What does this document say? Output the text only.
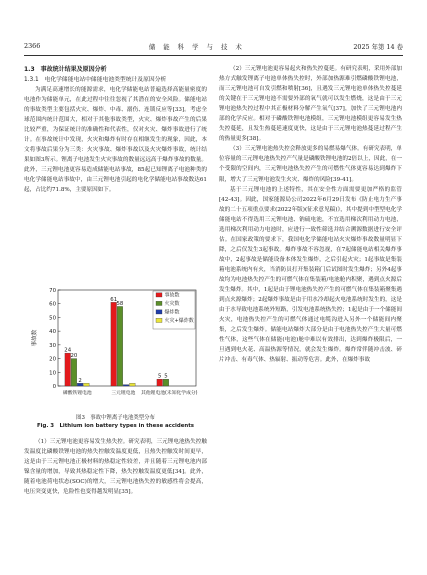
2366	储 能 科 学 与 技 术	2025 年第 14 卷

1.3　事故统计结果及原因分析

1.3.1　电化学储能电站中储能电池类型统计及原因分析

为满足高速增长的能源需求，电化学储能电站普遍选择高能量密度的电池作为储能单元，在此过程中往往忽视了其潜在的安全风险。储能电站的事故类型主要包括火灾、爆炸、中毒、溺伤、连锁反应等[33]。考虑全球范围内统计范围大，相对于其他事故类型，火灾、爆炸事故产生的后果比较严重，为保证统计的准确性和代表性，仅对火灾、爆炸事故进行了统计。在事故统计中发现，火灾和爆炸有时存在相继发生的现象，因此，本文将事故后果分为三类：火灾事故、爆炸事故以及火灾爆炸事故，统计结果如图3所示。锂离子电池发生火灾事故的数量远远高于爆炸事故的数量。此外，三元锂电池更容易造成储能电站事故，85起已知锂离子电池种类的电化学储能电站事故中，由三元锂电池引起的电化学储能电站事故数达61起，占比约71.8%，主要原因如下。

0
10
20
30
40
50
60
70
事故数
24
20
2
磷酸铁锂电池
61
58
三元锂电池
5 5
其他锂电池(未知化学成分)
事故数
火灾数
爆炸数
火灾+爆炸数
图3　事故中锂离子电池类型分布
Fig. 3　Lithium ion battery types in these accidents

（1）三元锂电池更容易发生热失控。研究表明，三元锂电池热失控触发温度比磷酸铁锂电池的热失控触发温度更低，且热失控触发时间更早，这是由于三元锂电池正极材料的热稳定性较差，并且随着三元锂电池内部镍含量的增加，导致其热稳定性下降，热失控触发温度更低[34]。此外，随着电池荷电状态(SOC)的增大，三元锂电池热失控的敏感性将会提高，电压突变更快，危险性也变得越发明显[35]。

（2）三元锂电池更容易起火和热失控蔓延。有研究表明，采用外部加热方式触发锂离子电池单体热失控时，外部加热源难引燃磷酸铁锂电池，而三元锂电池可自发引燃和喷射[36]，且遇发三元锂电池单体热失控蔓延的关键在于三元锂电池不需要外部的氧气就可以发生燃烧，这是由于三元锂电池热失控过程中其正极材料分解产生氧气[37]，加快了三元锂电池内部的化学反应。相对于磷酸铁锂电池模组，三元锂电池模组更容易发生热失控蔓延，且发生热蔓延速度更快，这是由于三元锂电池热蔓延过程产生的热量更多[38]。

（3）三元锂电池热失控会释放更多的易燃易爆气体。有研究表明，单位容量的三元锂电池热失控产气量是磷酸铁锂电池的2倍以上，因此，在一个受限的空间内，三元锂电池热失控产生的可燃性气体更容易达到爆炸下限，增大了三元锂电池发生火灾、爆炸的风险[39-41]。

基于三元锂电池的上述特性，其在安全性方面需要更加严格的监管[42-43]。因此，国家能源局公司2022年6月29日发布《防止电力生产事故的二十五项重点要求(2022年版)(征求意见稿)》，其中提到中型型电化学储能电站不得选用三元锂电池、钠硫电池，不宜选用梯次利用动力电池，选用梯次利用动力电池时，应进行一致性筛选并结合溯源数据进行安全评估。在国家政策的要求下，我国电化学储能电站火灾爆炸事故数量明显下降，之后仅发生3起事故。爆炸事故不容忽视，在7起储能电站相关爆炸事故中，2起事故是储能设备本体发生爆炸，之后引起火灾；1起事故是集装箱电池系统内有火，当消防员打开集装箱门后试图时发生爆炸；另外4起事故均为电池热失控产生的可燃气体在集装箱/电池舱内积聚，遇到点火源后发生爆炸。其中，1起是由于锂电池热失控产生的可燃气体在集装箱聚集遇到点火源爆炸；2起爆炸事故是由于用水冷却起火电池系统时发生的，这是由于水导致电池系统外短路，引发电池系统热失控；1起是由于一个储能间火灾，电池热失控产生的可燃气体通过电缆沟进入另外一个储能间内聚集，之后发生爆炸。储能电站爆炸大部分是由于电池热失控产生大量可燃性气体，这些气体在储能(电池)舱中难以有效排出，达到爆炸极限后，一旦遇到电火花、高温热源等情况，就会发生爆炸。爆炸常伴随冲击波、碎片冲击、有毒气体、热辐射、振动等危害。此外，在爆炸事故
